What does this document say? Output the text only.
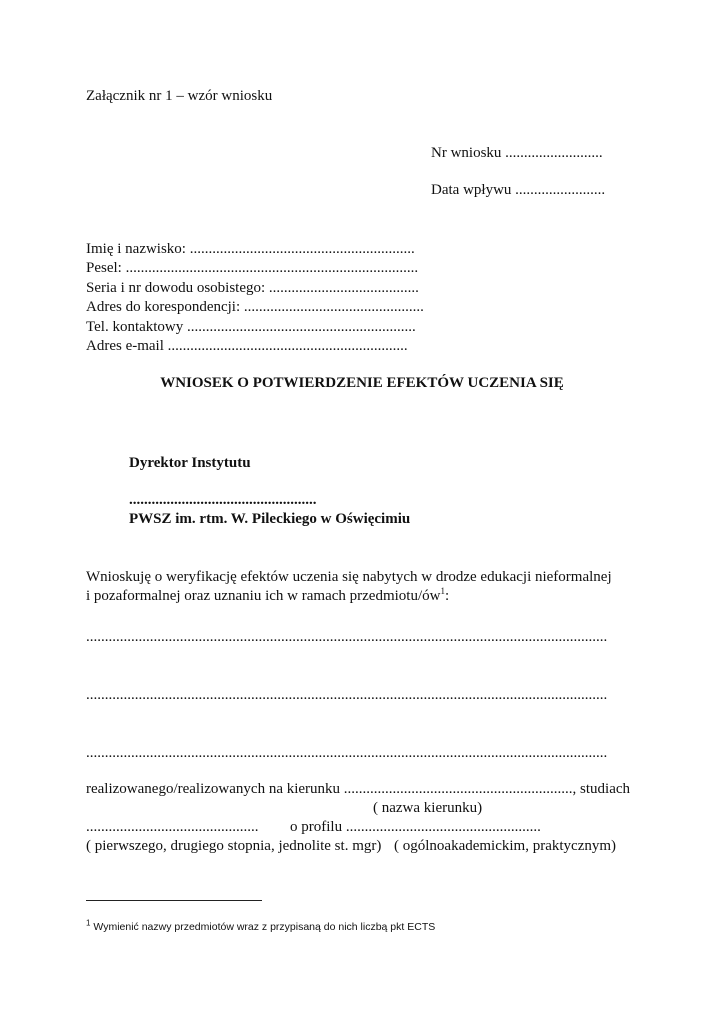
Załącznik nr 1 – wzór wniosku
Nr wniosku ..........................
Data wpływu ........................
Imię i nazwisko: ............................................................
Pesel: ..............................................................................
Seria i nr dowodu osobistego: ........................................
Adres do korespondencji: ................................................
Tel. kontaktowy .............................................................
Adres e-mail ................................................................
WNIOSEK O POTWIERDZENIE EFEKTÓW UCZENIA SIĘ
Dyrektor Instytutu
..................................................
PWSZ im. rtm. W. Pileckiego w Oświęcimiu
Wnioskuję o weryfikację efektów uczenia się nabytych w drodze edukacji nieformalnej
i pozaformalnej oraz uznaniu ich w ramach przedmiotu/$ów^1$:
...........................................................................................................................................
...........................................................................................................................................
...........................................................................................................................................
realizowanego/realizowanych na kierunku ............................................................., studiach
( nazwa kierunku)
.............................................. o profilu ....................................................
( pierwszego, drugiego stopnia, jednolite st. mgr) ( ogólnoakademickim, praktycznym)
$^1$ Wymienić nazwy przedmiotów wraz z przypisaną do nich liczbą pkt ECTS
